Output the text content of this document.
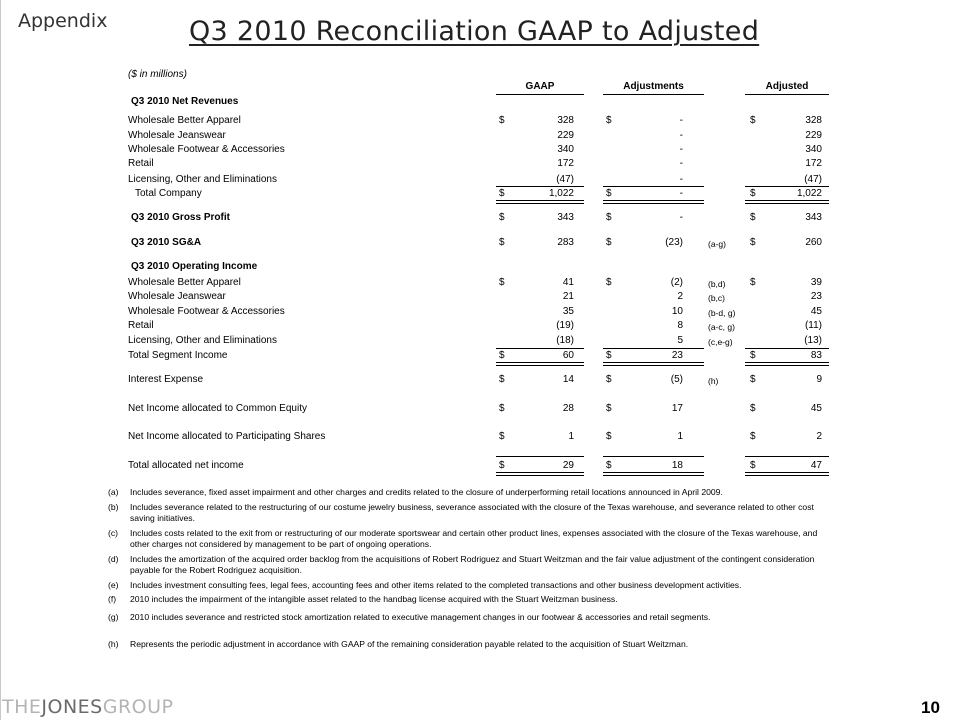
Appendix	Q3 2010 Reconciliation GAAP to Adjusted
($ in millions)
GAAP	Adjustments	Adjusted
Q3 2010 Net Revenues
Wholesale Better Apparel	$	328	$	-	$	328
Wholesale Jeanswear	229	-	229
Wholesale Footwear & Accessories	340	-	340
Retail	172	-	172
Licensing, Other and Eliminations	(47)	-	(47)
Total Company	$	1,022	$	-	$	1,022
Q3 2010 Gross Profit	$	343	$	-	$	343
Q3 2010 SG&A	$	283	$	(23)	(a-g)	$	260
Q3 2010 Operating Income
Wholesale Better Apparel	$	41	$	(2)	(b,d)	$	39
Wholesale Jeanswear	21	2	(b,c)	23
Wholesale Footwear & Accessories	35	10	(b-d, g)	45
Retail	(19)	8	(a-c, g)	(11)
Licensing, Other and Eliminations	(18)	5	(c,e-g)	(13)
Total Segment Income	$	60	$	23	$	83
Interest Expense	$	14	$	(5)	(h)	$	9
Net Income allocated to Common Equity	$	28	$	17	$	45
Net Income allocated to Participating Shares	$	1	$	1	$	2
Total allocated net income	$	29	$	18	$	47
(a) Includes severance, fixed asset impairment and other charges and credits related to the closure of underperforming retail locations announced in April 2009.
(b) Includes severance related to the restructuring of our costume jewelry business, severance associated with the closure of the Texas warehouse, and severance related to other cost saving initiatives.
(c) Includes costs related to the exit from or restructuring of our moderate sportswear and certain other product lines, expenses associated with the closure of the Texas warehouse, and other charges not considered by management to be part of ongoing operations.
(d) Includes the amortization of the acquired order backlog from the acquisitions of Robert Rodriguez and Stuart Weitzman and the fair value adjustment of the contingent consideration payable for the Robert Rodriguez acquisition.
(e) Includes investment consulting fees, legal fees, accounting fees and other items related to the completed transactions and other business development activities.
(f) 2010 includes the impairment of the intangible asset related to the handbag license acquired with the Stuart Weitzman business.
(g) 2010 includes severance and restricted stock amortization related to executive management changes in our footwear & accessories and retail segments.
(h) Represents the periodic adjustment in accordance with GAAP of the remaining consideration payable related to the acquisition of Stuart Weitzman.
THEJONESGROUP	10
